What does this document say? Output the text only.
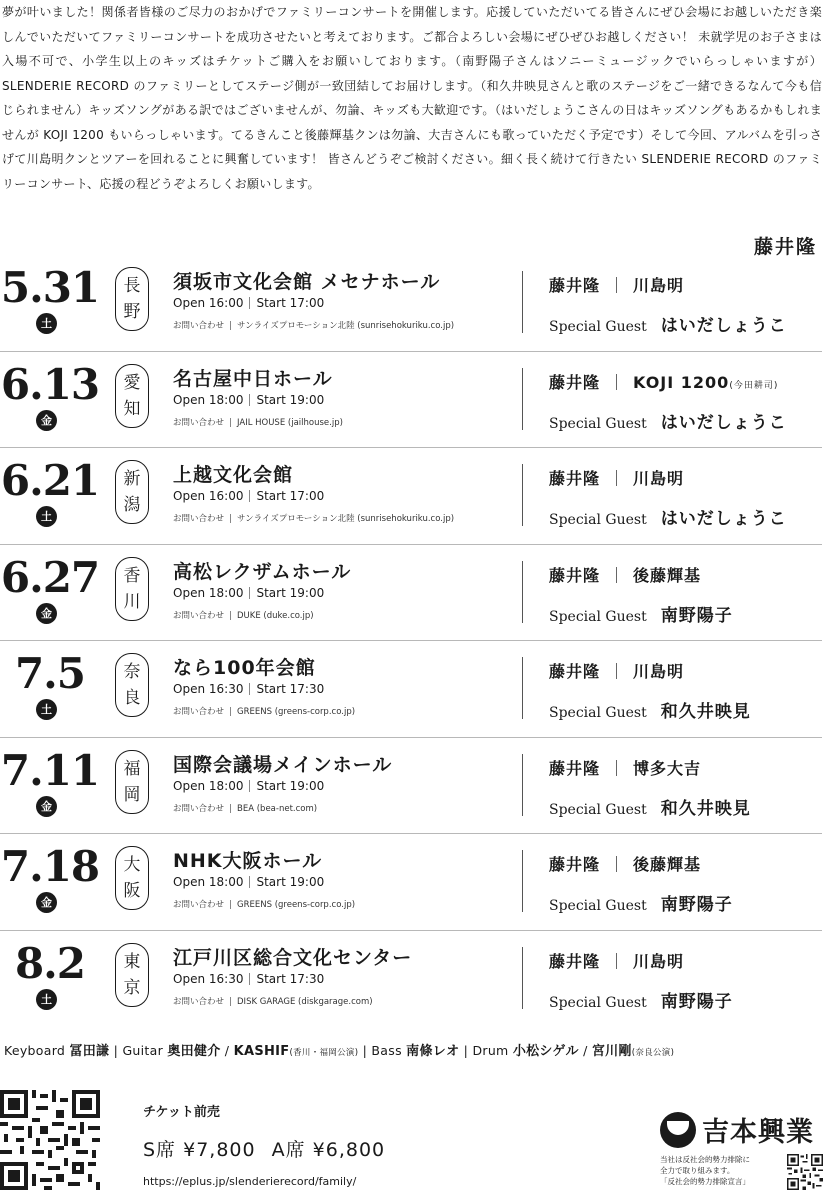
夢が叶いました！関係者皆様のご尽力のおかげでファミリーコンサートを開催します。応援していただいてる皆さんにぜひ会場にお越しいただき楽しんでいただいてファミリーコンサートを成功させたいと考えております。ご都合よろしい会場にぜひぜひお越しください！ 未就学児のお子さまは入場不可で、小学生以上のキッズはチケットご購入をお願いしております。（南野陽子さんはソニーミュージックでいらっしゃいますが）SLENDERIE RECORD のファミリーとしてステージ側が一致団結してお届けします。（和久井映見さんと歌のステージをご一緒できるなんて今も信じられません）キッズソングがある訳ではございませんが、勿論、キッズも大歓迎です。（はいだしょうこさんの日はキッズソングもあるかもしれませんが KOJI 1200 もいらっしゃいます。てるきんこと後藤輝基クンは勿論、大吉さんにも歌っていただく予定です）そして今回、アルバムを引っさげて川島明クンとツアーを回れることに興奮しています！ 皆さんどうぞご検討ください。細く長く続けて行きたい SLENDERIE RECORD のファミリーコンサート、応援の程どうぞよろしくお願いします。
藤井隆
5.31
土
長
野
須坂市文化会館 メセナホール
Open 16:00 Start 17:00
お問い合わせ サンライズプロモーション北陸 (sunrisehokuriku.co.jp)
藤井隆 川島明
Special Guest はいだしょうこ
6.13
金
愛
知
名古屋中日ホール
Open 18:00 Start 19:00
お問い合わせ JAIL HOUSE (jailhouse.jp)
藤井隆 KOJI 1200(今田耕司)
Special Guest はいだしょうこ
6.21
土
新
潟
上越文化会館
Open 16:00 Start 17:00
お問い合わせ サンライズプロモーション北陸 (sunrisehokuriku.co.jp)
藤井隆 川島明
Special Guest はいだしょうこ
6.27
金
香
川
高松レクザムホール
Open 18:00 Start 19:00
お問い合わせ DUKE (duke.co.jp)
藤井隆 後藤輝基
Special Guest 南野陽子
7.5
土
奈
良
なら100年会館
Open 16:30 Start 17:30
お問い合わせ GREENS (greens-corp.co.jp)
藤井隆 川島明
Special Guest 和久井映見
7.11
金
福
岡
国際会議場メインホール
Open 18:00 Start 19:00
お問い合わせ BEA (bea-net.com)
藤井隆 博多大吉
Special Guest 和久井映見
7.18
金
大
阪
NHK大阪ホール
Open 18:00 Start 19:00
お問い合わせ GREENS (greens-corp.co.jp)
藤井隆 後藤輝基
Special Guest 南野陽子
8.2
土
東
京
江戸川区総合文化センター
Open 16:30 Start 17:30
お問い合わせ DISK GARAGE (diskgarage.com)
藤井隆 川島明
Special Guest 南野陽子
Keyboard 冨田謙 | Guitar 奥田健介 / KASHIF(香川・福岡公演) | Bass 南條レオ | Drum 小松シゲル / 宮川剛(奈良公演)
チケット前売
S席 ¥7,800 A席 ¥6,800
https://eplus.jp/slenderierecord/family/
吉本興業
当社は反社会的勢力排除に
全力で取り組みます。
「反社会的勢力排除宣言」
